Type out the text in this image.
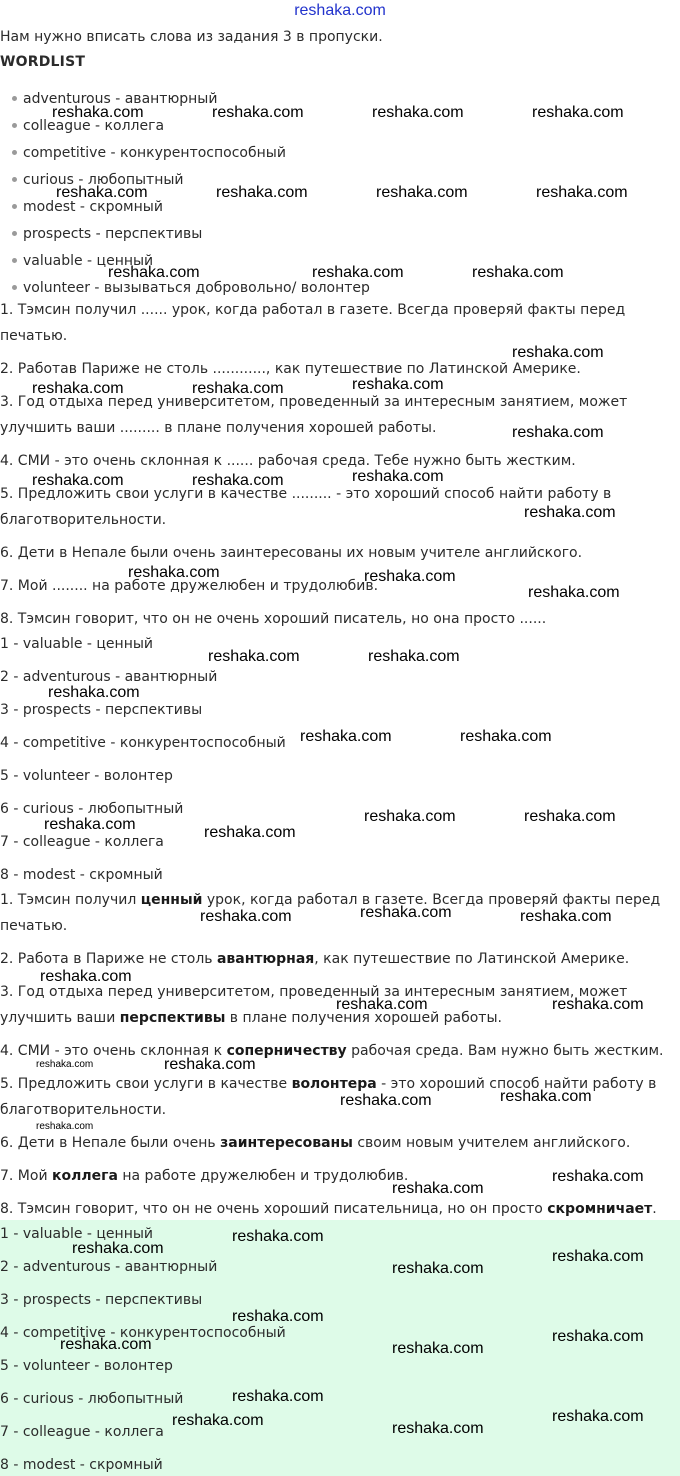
reshaka.com
Нам нужно вписать слова из задания 3 в пропуски.
WORDLIST
adventurous - авантюрный
colleague - коллега
competitive - конкурентоспособный
curious - любопытный
modest - скромный
prospects - перспективы
valuable - ценный
volunteer - вызываться добровольно/ волонтер
1. Тэмсин получил ...... урок, когда работал в газете. Всегда проверяй факты перед
печатью.
2. Работав Париже не столь ............, как путешествие по Латинской Америке.
3. Год отдыха перед университетом, проведенный за интересным занятием, может
улучшить ваши ......... в плане получения хорошей работы.
4. СМИ - это очень склонная к ...... рабочая среда. Тебе нужно быть жестким.
5. Предложить свои услуги в качестве ......... - это хороший способ найти работу в
благотворительности.
6. Дети в Непале были очень заинтересованы их новым учителе английского.
7. Мой ........ на работе дружелюбен и трудолюбив.
8. Тэмсин говорит, что он не очень хороший писатель, но она просто ......
1 - valuable - ценный
2 - adventurous - авантюрный
3 - prospects - перспективы
4 - competitive - конкурентоспособный
5 - volunteer - волонтер
6 - curious - любопытный
7 - colleague - коллега
8 - modest - скромный
1. Тэмсин получил ценный урок, когда работал в газете. Всегда проверяй факты перед
печатью.
2. Работа в Париже не столь авантюрная, как путешествие по Латинской Америке.
3. Год отдыха перед университетом, проведенный за интересным занятием, может
улучшить ваши перспективы в плане получения хорошей работы.
4. СМИ - это очень склонная к соперничеству рабочая среда. Вам нужно быть жестким.
5. Предложить свои услуги в качестве волонтера - это хороший способ найти работу в
благотворительности.
6. Дети в Непале были очень заинтересованы своим новым учителем английского.
7. Мой коллега на работе дружелюбен и трудолюбив.
8. Тэмсин говорит, что он не очень хороший писательница, но он просто скромничает.
1 - valuable - ценный
2 - adventurous - авантюрный
3 - prospects - перспективы
4 - competitive - конкурентоспособный
5 - volunteer - волонтер
6 - curious - любопытный
7 - colleague - коллега
8 - modest - скромный
reshaka.com	reshaka.com	reshaka.com	reshaka.com
reshaka.com	reshaka.com	reshaka.com	reshaka.com
reshaka.com	reshaka.com	reshaka.com
reshaka.com
reshaka.com	reshaka.com	reshaka.com
reshaka.com
reshaka.com	reshaka.com	reshaka.com
reshaka.com
reshaka.com	reshaka.com
reshaka.com
reshaka.com	reshaka.com
reshaka.com
reshaka.com	reshaka.com
reshaka.com	reshaka.com
reshaka.com	reshaka.com
reshaka.com	reshaka.com	reshaka.com
reshaka.com
reshaka.com	reshaka.com
reshaka.com
reshaka.com
reshaka.com	reshaka.com
reshaka.com
reshaka.com
reshaka.com
reshaka.com
reshaka.com	reshaka.com
reshaka.com
reshaka.com
reshaka.com	reshaka.com
reshaka.com
reshaka.com
reshaka.com	reshaka.com
reshaka.com
